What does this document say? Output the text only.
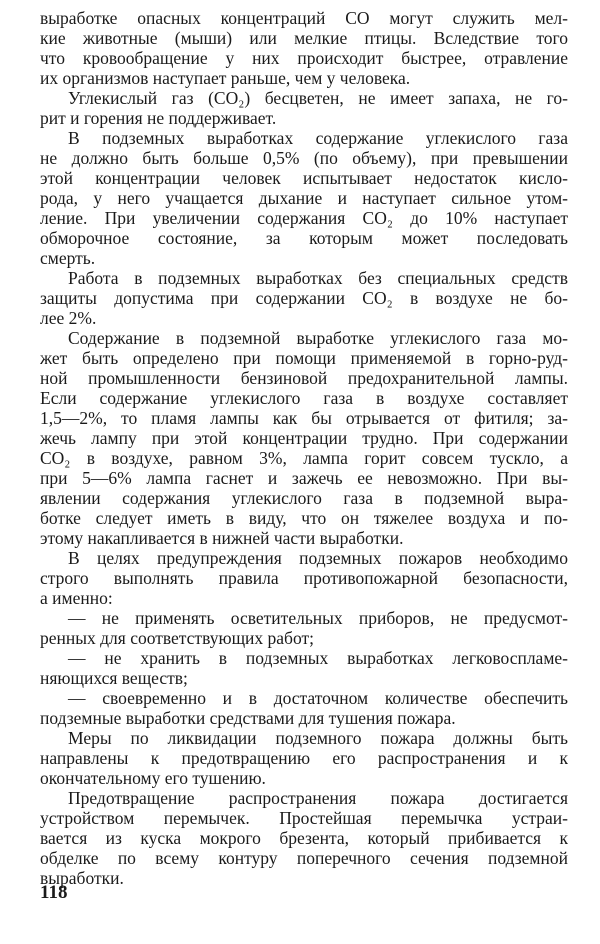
выработке опасных концентраций СО могут служить мел-
кие животные (мыши) или мелкие птицы. Вследствие того
что кровообращение у них происходит быстрее, отравление
их организмов наступает раньше, чем у человека.
Углекислый газ (CO₂) бесцветен, не имеет запаха, не го-
рит и горения не поддерживает.
В подземных выработках содержание углекислого газа
не должно быть больше 0,5% (по объему), при превышении
этой концентрации человек испытывает недостаток кисло-
рода, у него учащается дыхание и наступает сильное утом-
ление. При увеличении содержания CO₂ до 10% наступает
обморочное состояние, за которым может последовать
смерть.
Работа в подземных выработках без специальных средств
защиты допустима при содержании CO₂ в воздухе не бо-
лее 2%.
Содержание в подземной выработке углекислого газа мо-
жет быть определено при помощи применяемой в горно-руд-
ной промышленности бензиновой предохранительной лампы.
Если содержание углекислого газа в воздухе составляет
1,5—2%, то пламя лампы как бы отрывается от фитиля; за-
жечь лампу при этой концентрации трудно. При содержании
CO₂ в воздухе, равном 3%, лампа горит совсем тускло, а
при 5—6% лампа гаснет и зажечь ее невозможно. При вы-
явлении содержания углекислого газа в подземной выра-
ботке следует иметь в виду, что он тяжелее воздуха и по-
этому накапливается в нижней части выработки.
В целях предупреждения подземных пожаров необходимо
строго выполнять правила противопожарной безопасности,
а именно:
— не применять осветительных приборов, не предусмот-
ренных для соответствующих работ;
— не хранить в подземных выработках легковоспламе-
няющихся веществ;
— своевременно и в достаточном количестве обеспечить
подземные выработки средствами для тушения пожара.
Меры по ликвидации подземного пожара должны быть
направлены к предотвращению его распространения и к
окончательному его тушению.
Предотвращение распространения пожара достигается
устройством перемычек. Простейшая перемычка устраи-
вается из куска мокрого брезента, который прибивается к
обделке по всему контуру поперечного сечения подземной
выработки.
118
